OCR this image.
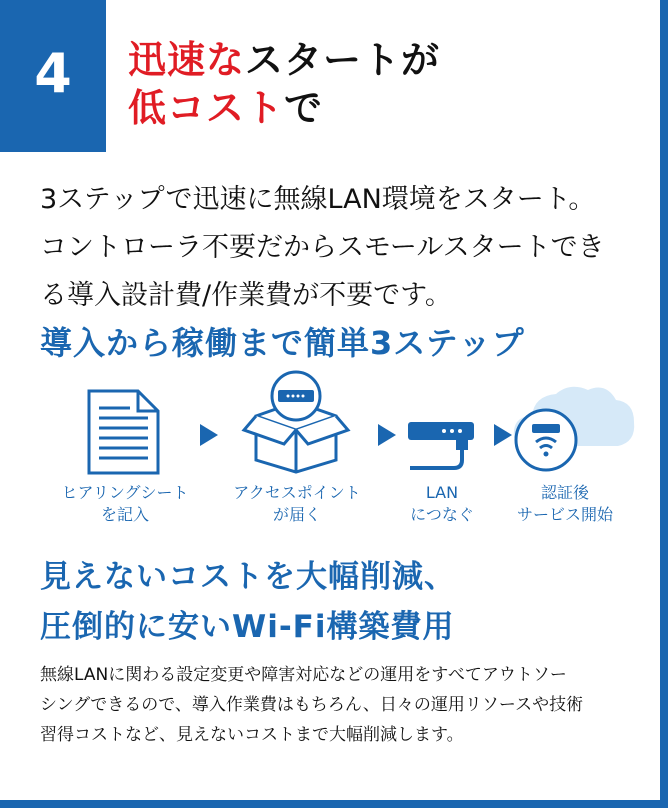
4	迅速なスタートが
低コストで
3ステップで迅速に無線LAN環境をスタート。
コントローラ不要だからスモールスタートでき
る導入設計費/作業費が不要です。
導入から稼働まで簡単3ステップ
ヒアリングシート
を記入
アクセスポイント
が届く
LAN
につなぐ
認証後
サービス開始
見えないコストを大幅削減、
圧倒的に安いWi-Fi構築費用
無線LANに関わる設定変更や障害対応などの運用をすべてアウトソー
シングできるので、導入作業費はもちろん、日々の運用リソースや技術
習得コストなど、見えないコストまで大幅削減します。
